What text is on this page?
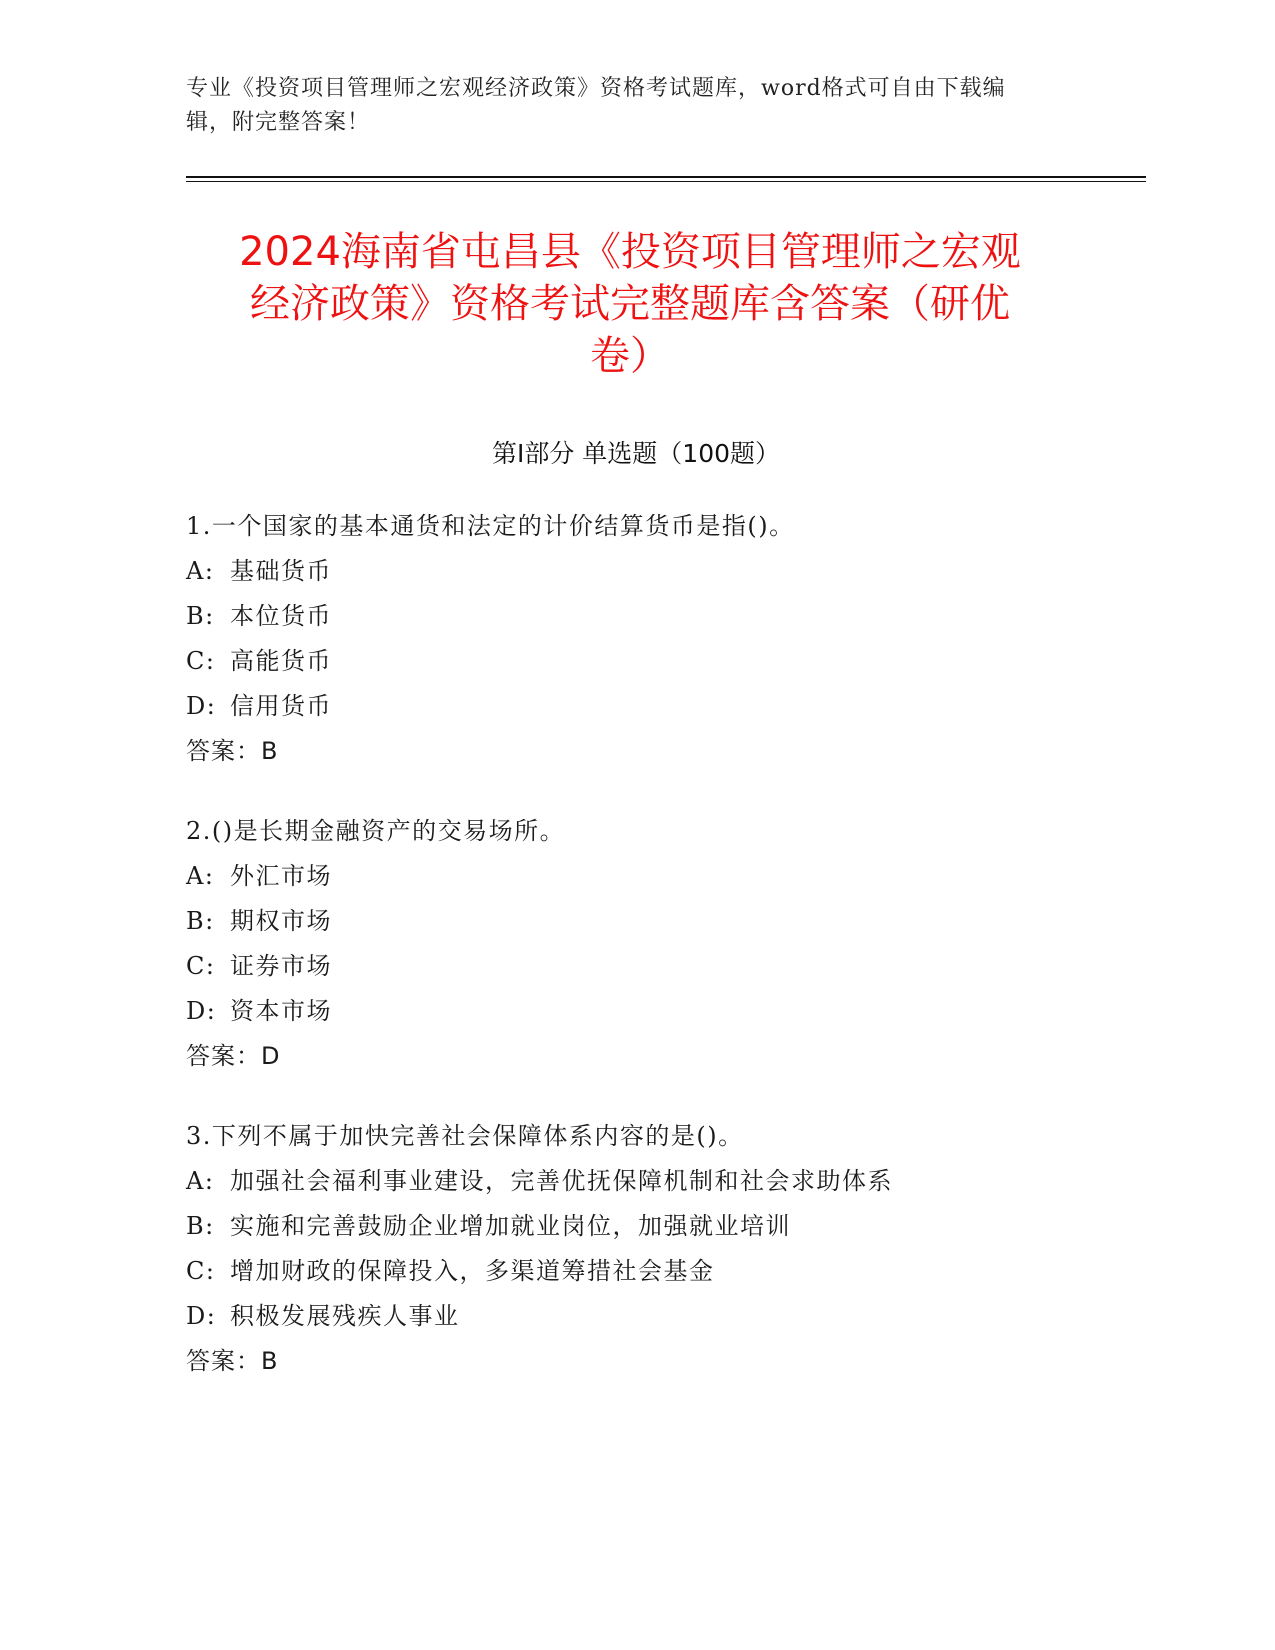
专业《投资项目管理师之宏观经济政策》资格考试题库，word格式可自由下载编
辑，附完整答案！
2024海南省屯昌县《投资项目管理师之宏观
经济政策》资格考试完整题库含答案（研优
卷）
第Ⅰ部分 单选题（100题）
1.一个国家的基本通货和法定的计价结算货币是指()。
A: 基础货币
B: 本位货币
C: 高能货币
D: 信用货币
答案：B
2.()是长期金融资产的交易场所。
A: 外汇市场
B: 期权市场
C: 证券市场
D: 资本市场
答案：D
3.下列不属于加快完善社会保障体系内容的是()。
A: 加强社会福利事业建设，完善优抚保障机制和社会求助体系
B: 实施和完善鼓励企业增加就业岗位，加强就业培训
C: 增加财政的保障投入，多渠道筹措社会基金
D: 积极发展残疾人事业
答案：B
